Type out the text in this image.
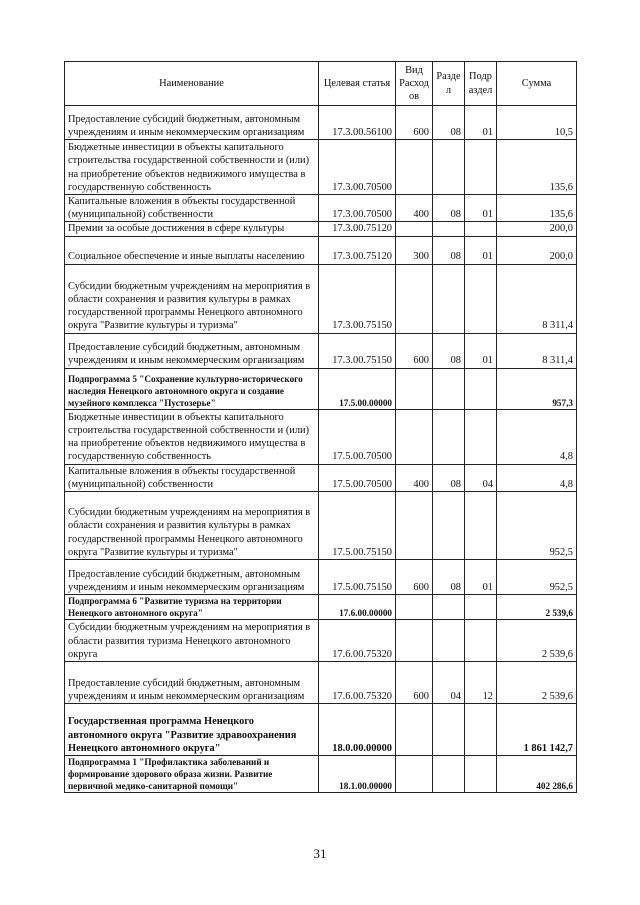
Наименование	Целевая статья	Вид Расход ов	Разде л	Подр аздел	Сумма
Предоставление субсидий бюджетным, автономным учреждениям и иным некоммерческим организациям	17.3.00.56100	600	08	01	10,5
Бюджетные инвестиции в объекты капитального строительства государственной собственности и (или) на приобретение объектов недвижимого имущества в государственную собственность	17.3.00.70500				135,6
Капитальные вложения в объекты государственной (муниципальной) собственности	17.3.00.70500	400	08	01	135,6
Премии за особые достижения в сфере культуры	17.3.00.75120				200,0
Социальное обеспечение и иные выплаты населению	17.3.00.75120	300	08	01	200,0
Субсидии бюджетным учреждениям на мероприятия в области сохранения и развития культуры в рамках государственной программы Ненецкого автономного округа "Развитие культуры и туризма"	17.3.00.75150				8 311,4
Предоставление субсидий бюджетным, автономным учреждениям и иным некоммерческим организациям	17.3.00.75150	600	08	01	8 311,4
Подпрограмма 5 "Сохранение культурно-исторического наследия Ненецкого автономного округа и создание музейного комплекса "Пустозерье"	17.5.00.00000				957,3
Бюджетные инвестиции в объекты капитального строительства государственной собственности и (или) на приобретение объектов недвижимого имущества в государственную собственность	17.5.00.70500				4,8
Капитальные вложения в объекты государственной (муниципальной) собственности	17.5.00.70500	400	08	04	4,8
Субсидии бюджетным учреждениям на мероприятия в области сохранения и развития культуры в рамках государственной программы Ненецкого автономного округа "Развитие культуры и туризма"	17.5.00.75150				952,5
Предоставление субсидий бюджетным, автономным учреждениям и иным некоммерческим организациям	17.5.00.75150	600	08	01	952,5
Подпрограмма 6 "Развитие туризма на территории Ненецкого автономного округа"	17.6.00.00000				2 539,6
Субсидии бюджетным учреждениям на мероприятия в области развития туризма Ненецкого автономного округа	17.6.00.75320				2 539,6
Предоставление субсидий бюджетным, автономным учреждениям и иным некоммерческим организациям	17.6.00.75320	600	04	12	2 539,6
Государственная программа Ненецкого автономного округа "Развитие здравоохранения Ненецкого автономного округа"	18.0.00.00000				1 861 142,7
Подпрограмма 1 "Профилактика заболеваний и формирование здорового образа жизни. Развитие первичной медико-санитарной помощи"	18.1.00.00000				402 286,6
31
